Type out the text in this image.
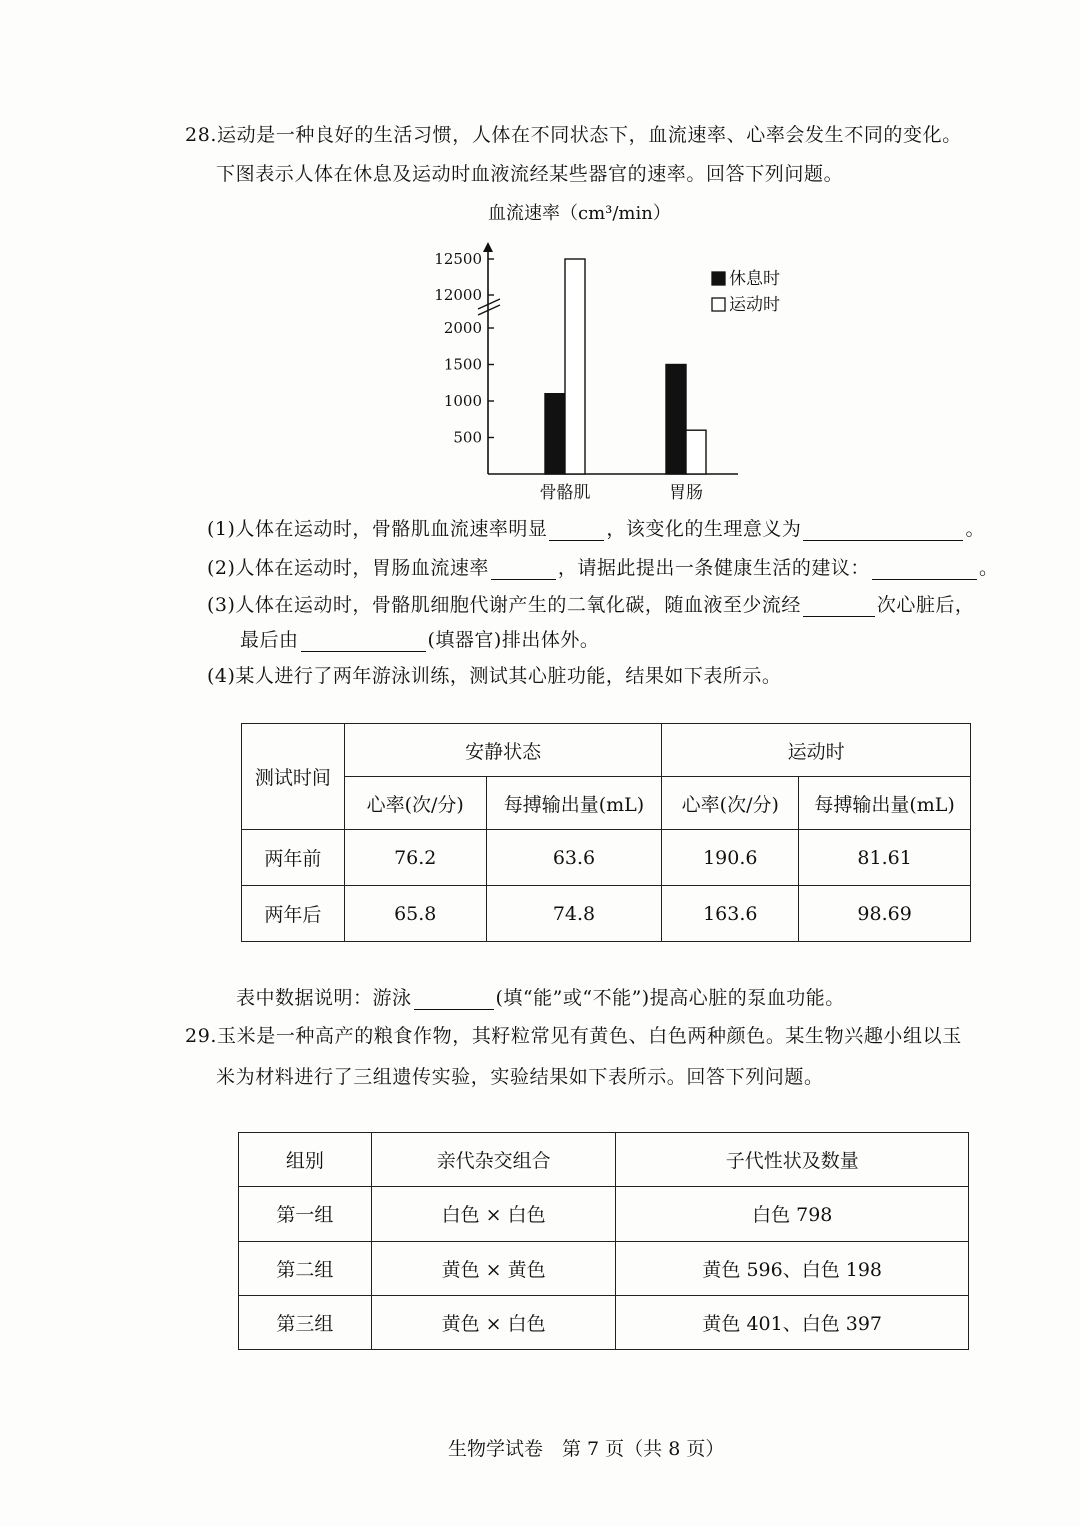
28.运动是一种良好的生活习惯，人体在不同状态下，血流速率、心率会发生不同的变化。
下图表示人体在休息及运动时血液流经某些器官的速率。回答下列问题。
血流速率（cm³/min）
500
1000
1500
2000
12000
12500
骨骼肌	胃肠
休息时
运动时
(1)人体在运动时，骨骼肌血流速率明显	，该变化的生理意义为	。
(2)人体在运动时，胃肠血流速率	，请据此提出一条健康生活的建议：	。
(3)人体在运动时，骨骼肌细胞代谢产生的二氧化碳，随血液至少流经	次心脏后，
最后由	(填器官)排出体外。
(4)某人进行了两年游泳训练，测试其心脏功能，结果如下表所示。
测试时间	安静状态		运动时	
	心率(次/分)	每搏输出量(mL)	心率(次/分)	每搏输出量(mL)
两年前	76.2	63.6	190.6	81.61
两年后	65.8	74.8	163.6	98.69
表中数据说明：游泳	(填“能”或“不能”)提高心脏的泵血功能。
29.玉米是一种高产的粮食作物，其籽粒常见有黄色、白色两种颜色。某生物兴趣小组以玉
米为材料进行了三组遗传实验，实验结果如下表所示。回答下列问题。
组别	亲代杂交组合	子代性状及数量
第一组	白色 × 白色	白色 798
第二组	黄色 × 黄色	黄色 596、白色 198
第三组	黄色 × 白色	黄色 401、白色 397
生物学试卷　第 7 页（共 8 页）
